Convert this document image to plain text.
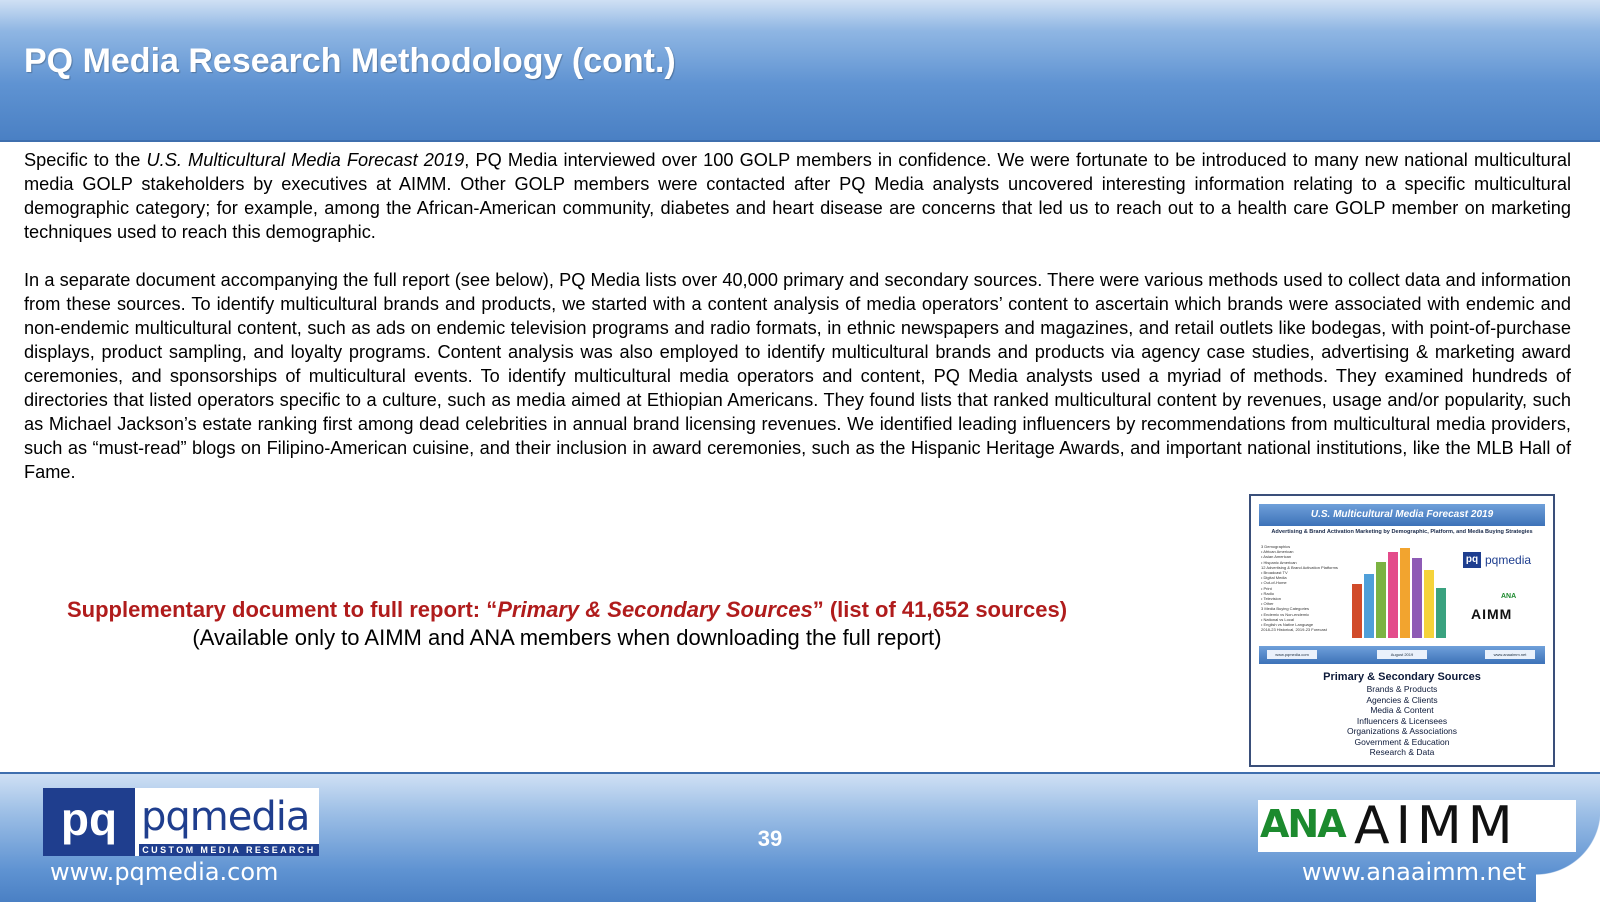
PQ Media Research Methodology (cont.)

Specific to the U.S. Multicultural Media Forecast 2019, PQ Media interviewed over 100 GOLP members in confidence. We were fortunate to be introduced to many new national multicultural media GOLP stakeholders by executives at AIMM. Other GOLP members were contacted after PQ Media analysts uncovered interesting information relating to a specific multicultural demographic category; for example, among the African-American community, diabetes and heart disease are concerns that led us to reach out to a health care GOLP member on marketing techniques used to reach this demographic.

In a separate document accompanying the full report (see below), PQ Media lists over 40,000 primary and secondary sources. There were various methods used to collect data and information from these sources. To identify multicultural brands and products, we started with a content analysis of media operators’ content to ascertain which brands were associated with endemic and non-endemic multicultural content, such as ads on endemic television programs and radio formats, in ethnic newspapers and magazines, and retail outlets like bodegas, with point-of-purchase displays, product sampling, and loyalty programs. Content analysis was also employed to identify multicultural brands and products via agency case studies, advertising & marketing award ceremonies, and sponsorships of multicultural events. To identify multicultural media operators and content, PQ Media analysts used a myriad of methods. They examined hundreds of directories that listed operators specific to a culture, such as media aimed at Ethiopian Americans. They found lists that ranked multicultural content by revenues, usage and/or popularity, such as Michael Jackson’s estate ranking first among dead celebrities in annual brand licensing revenues. We identified leading influencers by recommendations from multicultural media providers, such as “must-read” blogs on Filipino-American cuisine, and their inclusion in award ceremonies, such as the Hispanic Heritage Awards, and important national institutions, like the MLB Hall of Fame.

Supplementary document to full report: “Primary & Secondary Sources” (list of 41,652 sources)
(Available only to AIMM and ANA members when downloading the full report)
U.S. Multicultural Media Forecast 2019
Advertising & Brand Activation Marketing by Demographic, Platform, and Media Buying Strategies
3 Demographics
• African American
• Asian American
• Hispanic American
12 Advertising & Brand Activation Platforms
• Broadcast TV
• Digital Media
• Out-of-Home
• Print
• Radio
• Television
• Other
3 Media Buying Categories
• Endemic vs Non-endemic
• National vs Local
• English vs Native Language
2018-23 Historical, 2019-23 Forecast
pq pqmedia
ANA
AIMM
www.pqmedia.com	August 2019	www.anaaimm.net
Primary & Secondary Sources
Brands & Products
Agencies & Clients
Media & Content
Influencers & Licensees
Organizations & Associations
Government & Education
Research & Data
pq pqmedia
CUSTOM MEDIA RESEARCH
www.pqmedia.com
39	ANA AIMM
www.anaaimm.net
